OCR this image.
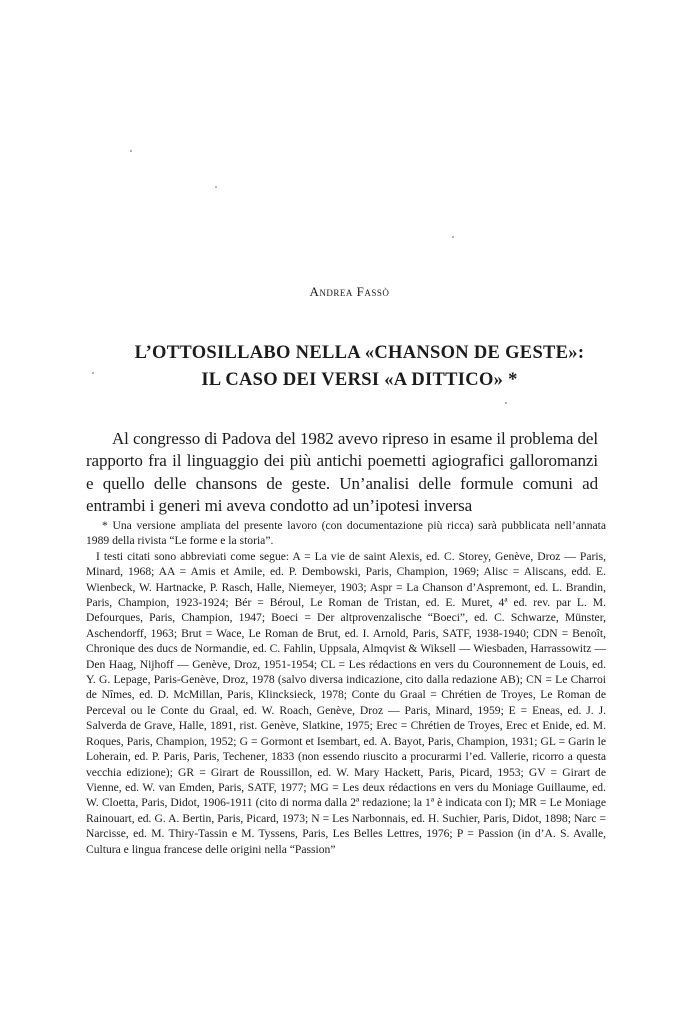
Andrea Fassò
L’OTTOSILLABO NELLA «CHANSON DE GESTE»:
IL CASO DEI VERSI «A DITTICO» *

Al congresso di Padova del 1982 avevo ripreso in esame il problema del rapporto fra il linguaggio dei più antichi poemetti agiografici galloromanzi e quello delle chansons de geste. Un’analisi delle formule comuni ad entrambi i generi mi aveva condotto ad un’ipotesi inversa

* Una versione ampliata del presente lavoro (con documentazione più ricca) sarà pubblicata nell’annata 1989 della rivista “Le forme e la storia”.

I testi citati sono abbreviati come segue: A = La vie de saint Alexis, ed. C. Storey, Genève, Droz — Paris, Minard, 1968; AA = Amis et Amile, ed. P. Dembowski, Paris, Champion, 1969; Alisc = Aliscans, edd. E. Wienbeck, W. Hartnacke, P. Rasch, Halle, Niemeyer, 1903; Aspr = La Chanson d’Aspremont, ed. L. Brandin, Paris, Champion, 1923-1924; Bér = Béroul, Le Roman de Tristan, ed. E. Muret, 4ª ed. rev. par L. M. Defourques, Paris, Champion, 1947; Boeci = Der altprovenzalische “Boeci”, ed. C. Schwarze, Münster, Aschendorff, 1963; Brut = Wace, Le Roman de Brut, ed. I. Arnold, Paris, SATF, 1938-1940; CDN = Benoît, Chronique des ducs de Normandie, ed. C. Fahlin, Uppsala, Almqvist & Wiksell — Wiesbaden, Harrassowitz — Den Haag, Nijhoff — Genève, Droz, 1951-1954; CL = Les rédactions en vers du Couronnement de Louis, ed. Y. G. Lepage, Paris-Genève, Droz, 1978 (salvo diversa indicazione, cito dalla redazione AB); CN = Le Charroi de Nîmes, ed. D. McMillan, Paris, Klincksieck, 1978; Conte du Graal = Chrétien de Troyes, Le Roman de Perceval ou le Conte du Graal, ed. W. Roach, Genève, Droz — Paris, Minard, 1959; E = Eneas, ed. J. J. Salverda de Grave, Halle, 1891, rist. Genève, Slatkine, 1975; Erec = Chrétien de Troyes, Erec et Enide, ed. M. Roques, Paris, Champion, 1952; G = Gormont et Isembart, ed. A. Bayot, Paris, Champion, 1931; GL = Garin le Loherain, ed. P. Paris, Paris, Techener, 1833 (non essendo riuscito a procurarmi l’ed. Vallerie, ricorro a questa vecchia edizione); GR = Girart de Roussillon, ed. W. Mary Hackett, Paris, Picard, 1953; GV = Girart de Vienne, ed. W. van Emden, Paris, SATF, 1977; MG = Les deux rédactions en vers du Moniage Guillaume, ed. W. Cloetta, Paris, Didot, 1906-1911 (cito di norma dalla 2ª redazione; la 1ª è indicata con I); MR = Le Moniage Rainouart, ed. G. A. Bertin, Paris, Picard, 1973; N = Les Narbonnais, ed. H. Suchier, Paris, Didot, 1898; Narc = Narcisse, ed. M. Thiry-Tassin e M. Tyssens, Paris, Les Belles Lettres, 1976; P = Passion (in d’A. S. Avalle, Cultura e lingua francese delle origini nella “Passion”
